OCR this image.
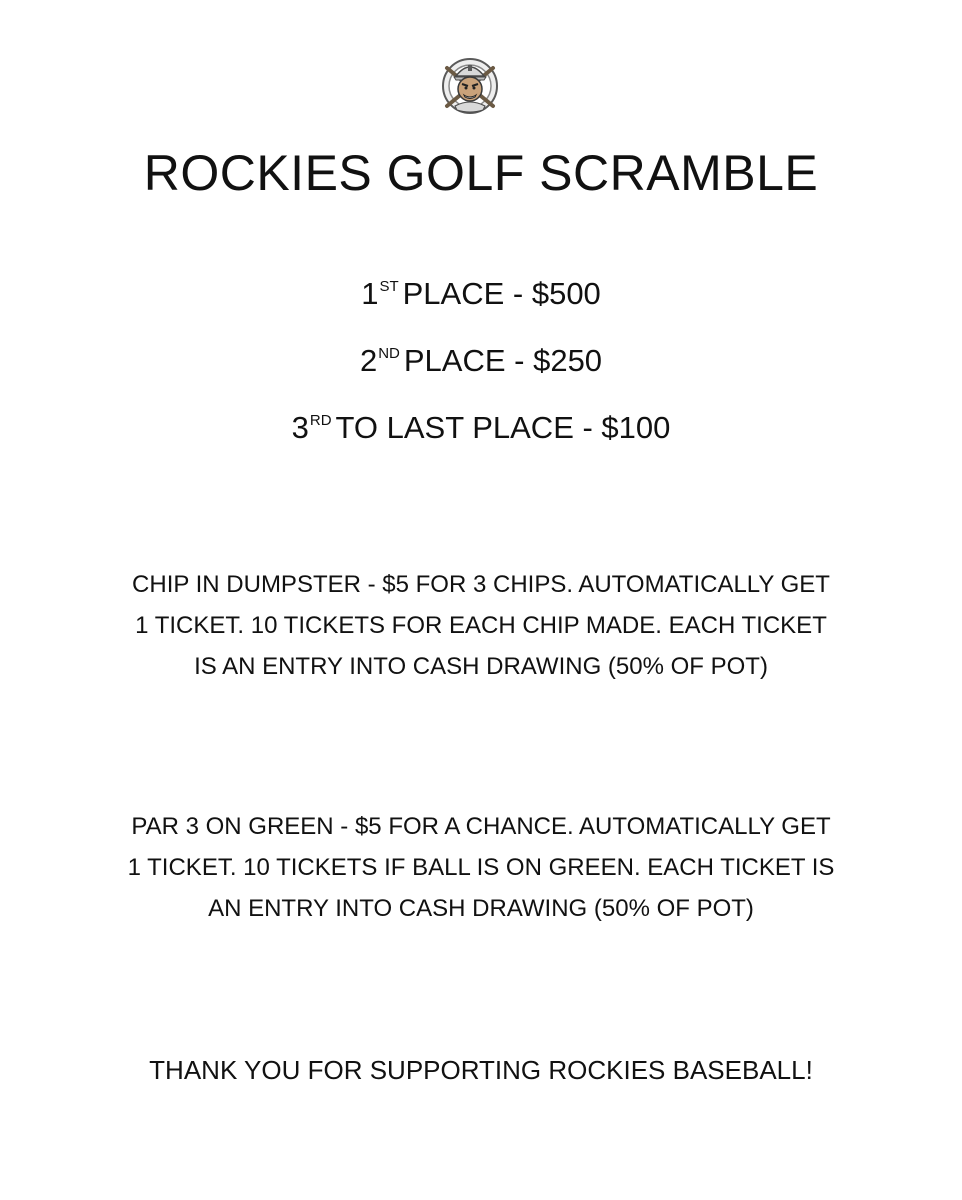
ROCKIES GOLF SCRAMBLE
1ST PLACE - $500
2ND PLACE - $250
3RD TO LAST PLACE - $100

CHIP IN DUMPSTER - $5 FOR 3 CHIPS. AUTOMATICALLY GET
1 TICKET. 10 TICKETS FOR EACH CHIP MADE. EACH TICKET
IS AN ENTRY INTO CASH DRAWING (50% OF POT)

PAR 3 ON GREEN - $5 FOR A CHANCE. AUTOMATICALLY GET
1 TICKET. 10 TICKETS IF BALL IS ON GREEN. EACH TICKET IS
AN ENTRY INTO CASH DRAWING (50% OF POT)

THANK YOU FOR SUPPORTING ROCKIES BASEBALL!
